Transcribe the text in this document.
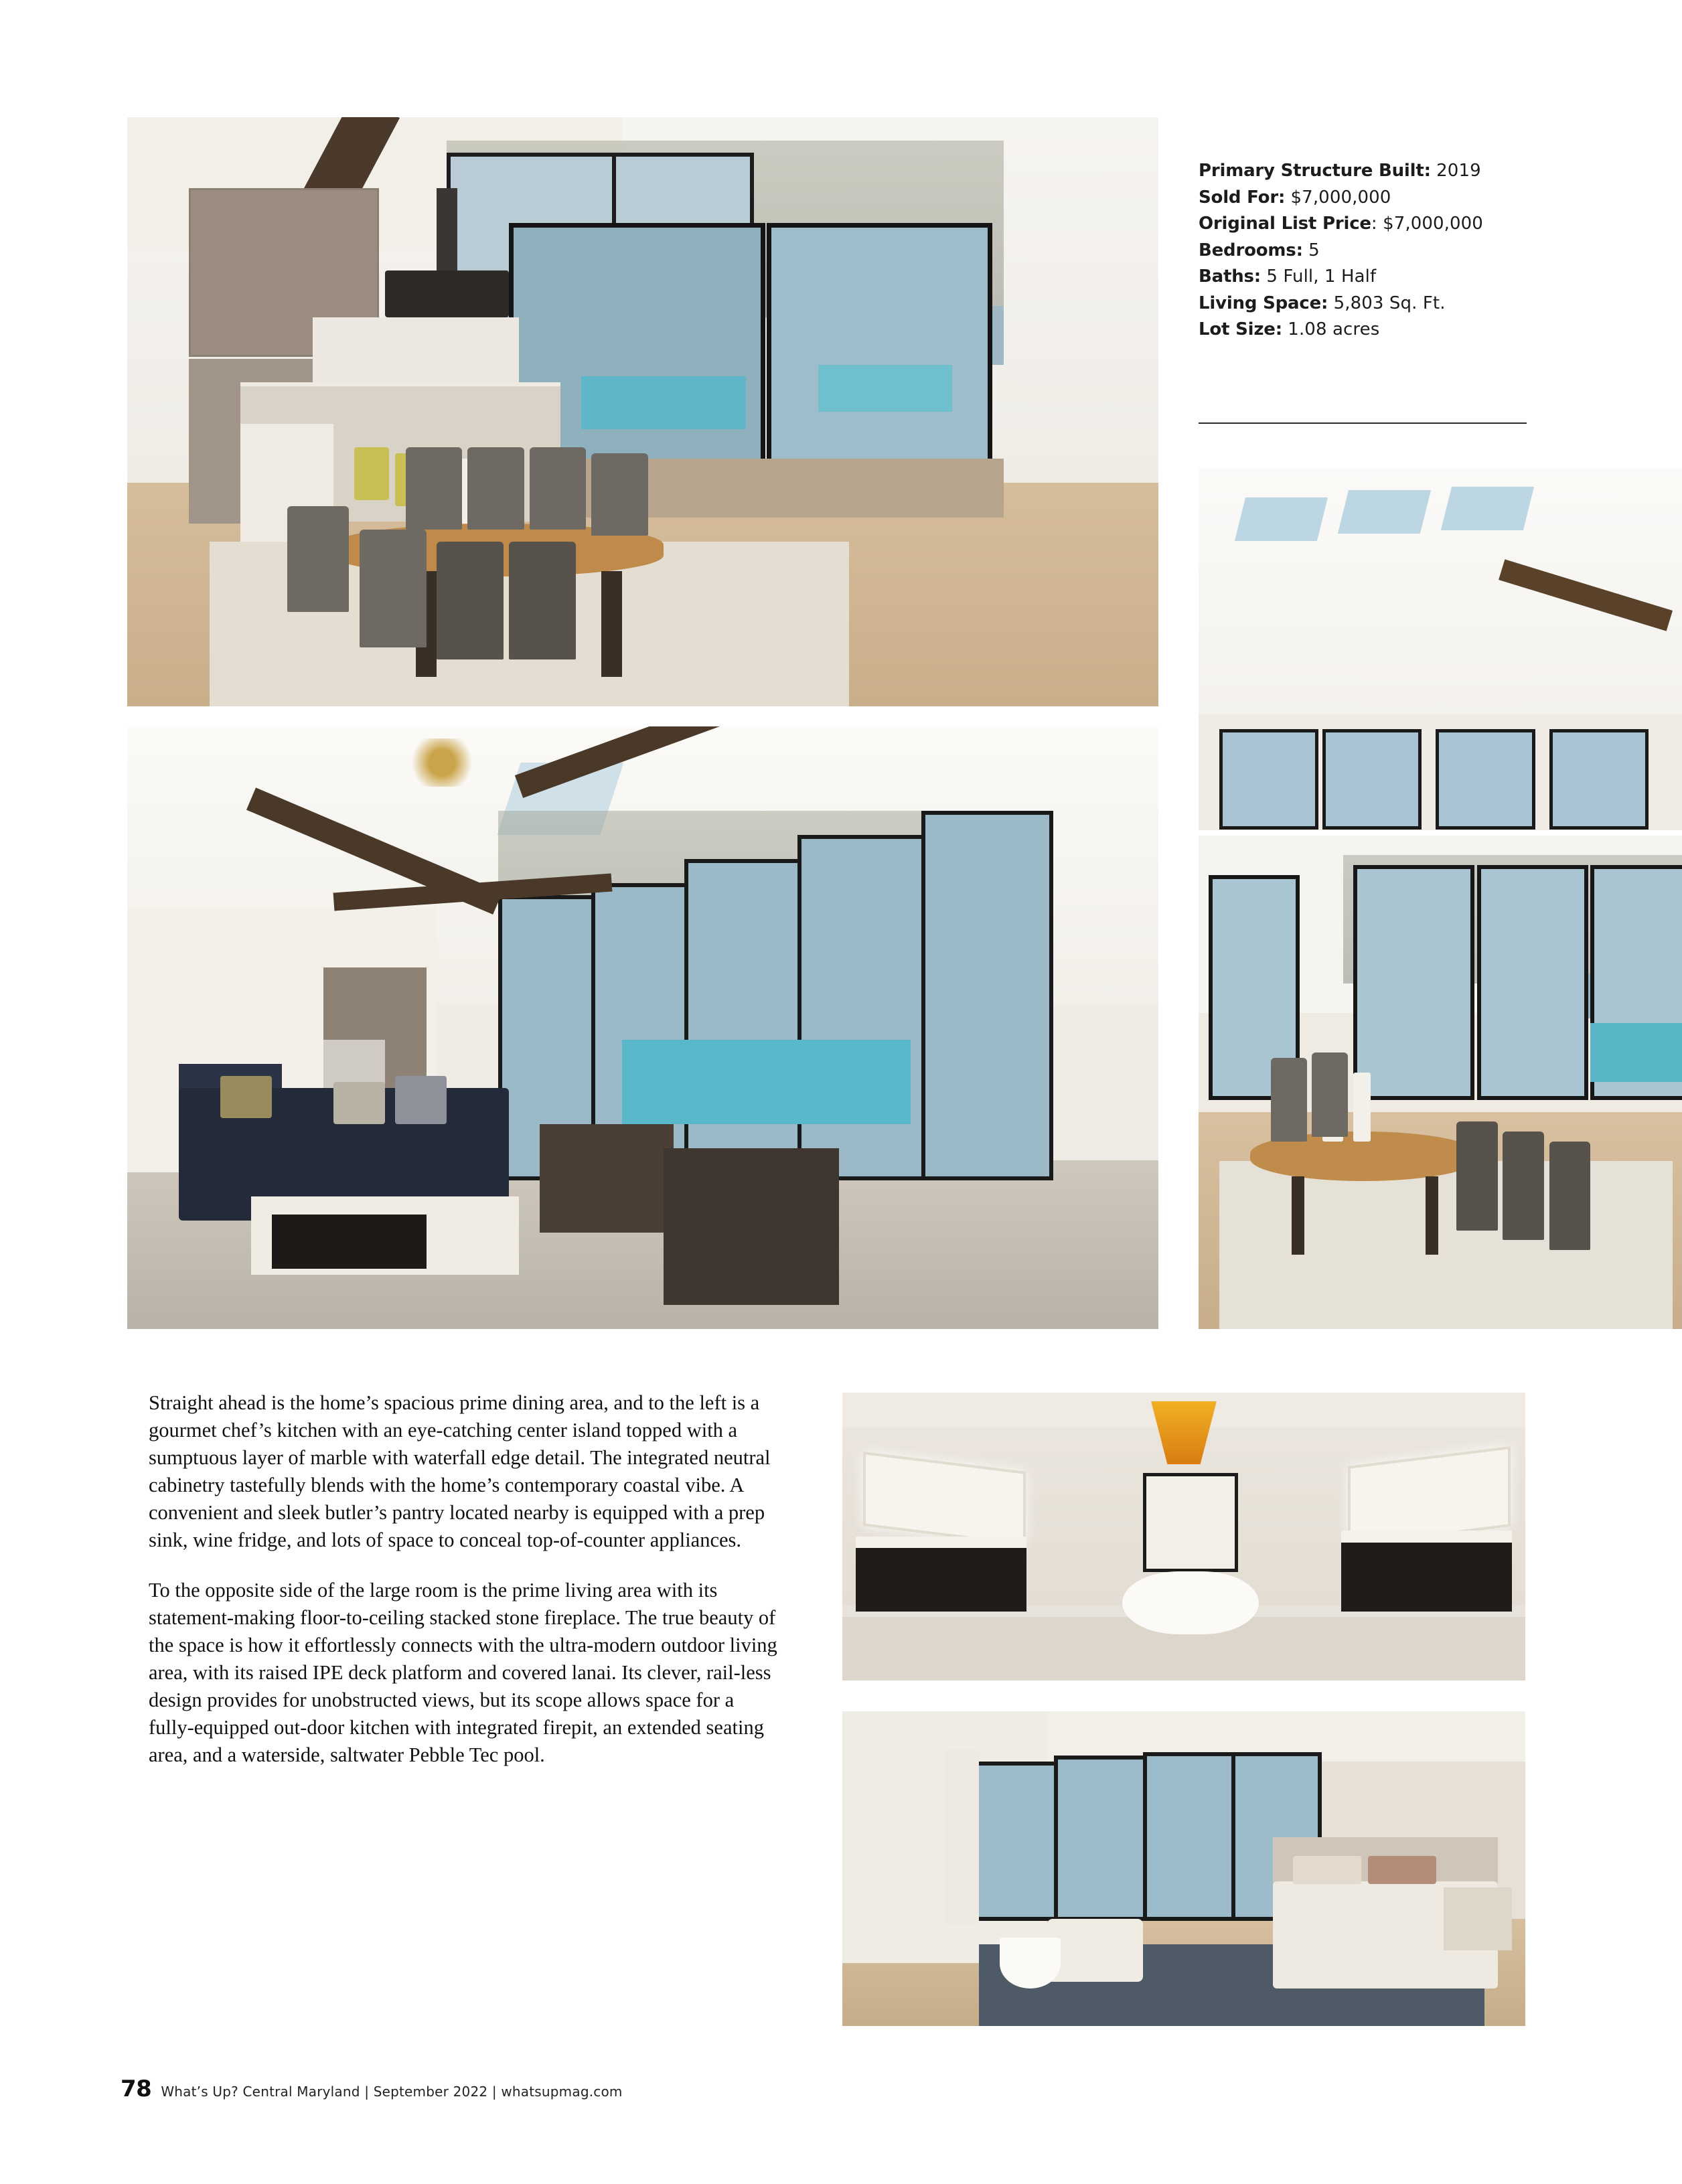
Primary Structure Built: 2019
Sold For: $7,000,000
Original List Price: $7,000,000
Bedrooms: 5
Baths: 5 Full, 1 Half
Living Space: 5,803 Sq. Ft.
Lot Size: 1.08 acres

Straight ahead is the home’s spacious prime dining area, and to the left is a gourmet chef’s kitchen with an eye-catching center island topped with a sumptuous layer of marble with waterfall edge detail. The integrated neutral cabinetry tastefully blends with the home’s contemporary coastal vibe. A convenient and sleek butler’s pantry located nearby is equipped with a prep sink, wine fridge, and lots of space to conceal top-of-counter appliances.

To the opposite side of the large room is the prime living area with its statement-making floor-to-ceiling stacked stone fireplace. The true beauty of the space is how it effortlessly connects with the ultra-modern outdoor living area, with its raised IPE deck platform and covered lanai. Its clever, rail-less design provides for unobstructed views, but its scope allows space for a fully-equipped out-door kitchen with integrated firepit, an extended seating area, and a waterside, saltwater Pebble Tec pool.

78 What’s Up? Central Maryland | September 2022 | whatsupmag.com
